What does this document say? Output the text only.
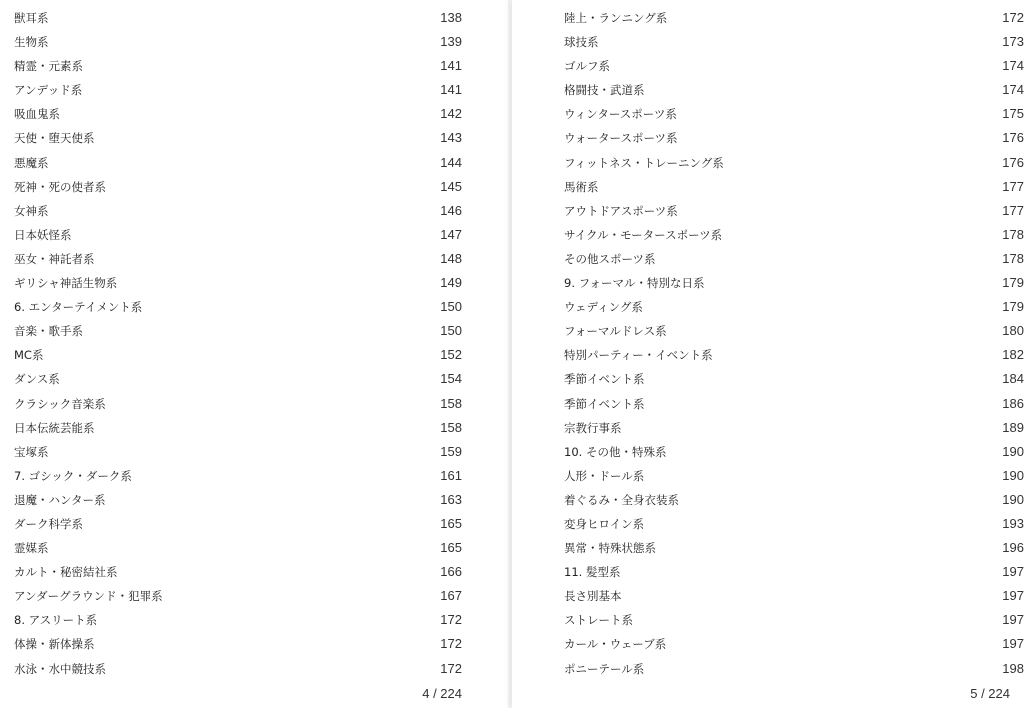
獣耳系	138
生物系	139
精霊・元素系	141
アンデッド系	141
吸血鬼系	142
天使・堕天使系	143
悪魔系	144
死神・死の使者系	145
女神系	146
日本妖怪系	147
巫女・神託者系	148
ギリシャ神話生物系	149
6. エンターテイメント系	150
音楽・歌手系	150
MC系	152
ダンス系	154
クラシック音楽系	158
日本伝統芸能系	158
宝塚系	159
7. ゴシック・ダーク系	161
退魔・ハンター系	163
ダーク科学系	165
霊媒系	165
カルト・秘密結社系	166
アンダーグラウンド・犯罪系	167
8. アスリート系	172
体操・新体操系	172
水泳・水中競技系	172
4 / 224
陸上・ランニング系	172
球技系	173
ゴルフ系	174
格闘技・武道系	174
ウィンタースポーツ系	175
ウォータースポーツ系	176
フィットネス・トレーニング系	176
馬術系	177
アウトドアスポーツ系	177
サイクル・モータースポーツ系	178
その他スポーツ系	178
9. フォーマル・特別な日系	179
ウェディング系	179
フォーマルドレス系	180
特別パーティー・イベント系	182
季節イベント系	184
季節イベント系	186
宗教行事系	189
10. その他・特殊系	190
人形・ドール系	190
着ぐるみ・全身衣装系	190
変身ヒロイン系	193
異常・特殊状態系	196
11. 髪型系	197
長さ別基本	197
ストレート系	197
カール・ウェーブ系	197
ポニーテール系	198
5 / 224
